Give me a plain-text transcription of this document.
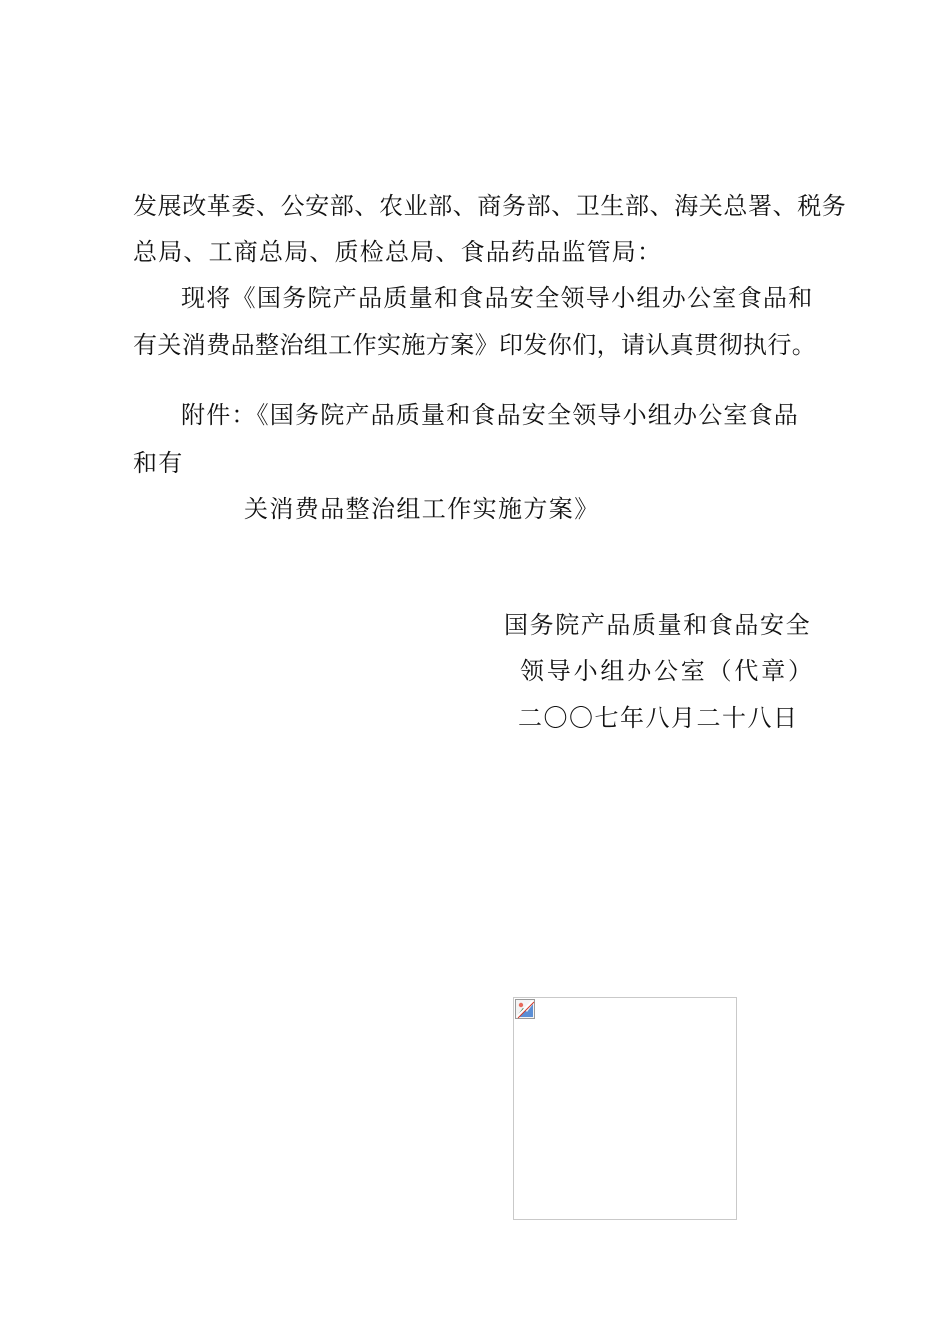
发展改革委、公安部、农业部、商务部、卫生部、海关总署、税务
总局、工商总局、质检总局、食品药品监管局：
现将《国务院产品质量和食品安全领导小组办公室食品和
有关消费品整治组工作实施方案》印发你们，请认真贯彻执行。
附件：《国务院产品质量和食品安全领导小组办公室食品
和有
关消费品整治组工作实施方案》
国务院产品质量和食品安全
领导小组办公室（代章）
二〇〇七年八月二十八日
